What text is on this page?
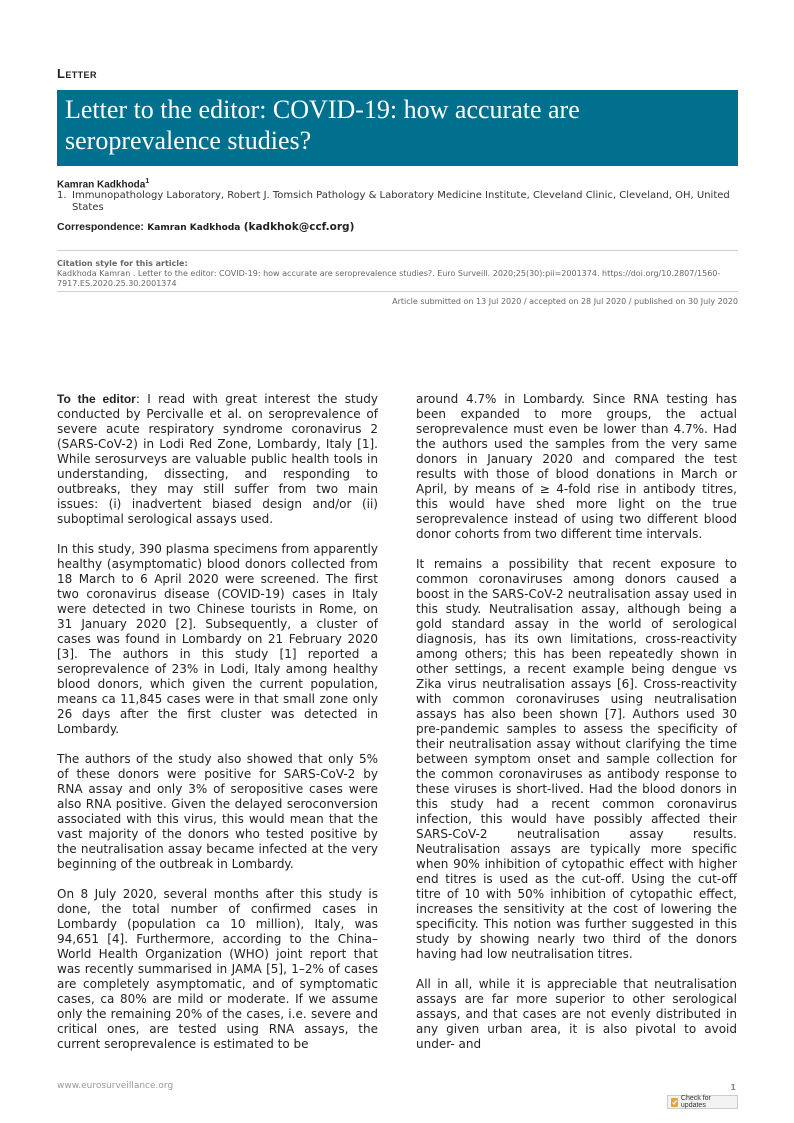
Letter
Letter to the editor: COVID-19: how accurate are seroprevalence studies?
Kamran Kadkhoda$^1$
1. Immunopathology Laboratory, Robert J. Tomsich Pathology & Laboratory Medicine Institute, Cleveland Clinic, Cleveland, OH, United States
Correspondence: Kamran Kadkhoda (kadkhok@ccf.org)
Citation style for this article:
Kadkhoda Kamran . Letter to the editor: COVID-19: how accurate are seroprevalence studies?. Euro Surveill. 2020;25(30):pii=2001374. https://doi.org/10.2807/1560-7917.ES.2020.25.30.2001374
Article submitted on 13 Jul 2020 / accepted on 28 Jul 2020 / published on 30 July 2020

To the editor: I read with great interest the study conducted by Percivalle et al. on seroprevalence of severe acute respiratory syndrome coronavirus 2 (SARS-CoV-2) in Lodi Red Zone, Lombardy, Italy [1]. While serosurveys are valuable public health tools in understanding, dissecting, and responding to outbreaks, they may still suffer from two main issues: (i) inadvertent biased design and/or (ii) suboptimal serological assays used.

In this study, 390 plasma specimens from apparently healthy (asymptomatic) blood donors collected from 18 March to 6 April 2020 were screened. The first two coronavirus disease (COVID-19) cases in Italy were detected in two Chinese tourists in Rome, on 31 January 2020 [2]. Subsequently, a cluster of cases was found in Lombardy on 21 February 2020 [3]. The authors in this study [1] reported a seroprevalence of 23% in Lodi, Italy among healthy blood donors, which given the current population, means ca 11,845 cases were in that small zone only 26 days after the first cluster was detected in Lombardy.

The authors of the study also showed that only 5% of these donors were positive for SARS-CoV-2 by RNA assay and only 3% of seropositive cases were also RNA positive. Given the delayed seroconversion associated with this virus, this would mean that the vast majority of the donors who tested positive by the neutralisation assay became infected at the very beginning of the outbreak in Lombardy.

On 8 July 2020, several months after this study is done, the total number of confirmed cases in Lombardy (population ca 10 million), Italy, was 94,651 [4]. Furthermore, according to the China–World Health Organization (WHO) joint report that was recently summarised in JAMA [5], 1–2% of cases are completely asymptomatic, and of symptomatic cases, ca 80% are mild or moderate. If we assume only the remaining 20% of the cases, i.e. severe and critical ones, are tested using RNA assays, the current seroprevalence is estimated to be

around 4.7% in Lombardy. Since RNA testing has been expanded to more groups, the actual seroprevalence must even be lower than 4.7%. Had the authors used the samples from the very same donors in January 2020 and compared the test results with those of blood donations in March or April, by means of ≥ 4-fold rise in antibody titres, this would have shed more light on the true seroprevalence instead of using two different blood donor cohorts from two different time intervals.

It remains a possibility that recent exposure to common coronaviruses among donors caused a boost in the SARS-CoV-2 neutralisation assay used in this study. Neutralisation assay, although being a gold standard assay in the world of serological diagnosis, has its own limitations, cross-reactivity among others; this has been repeatedly shown in other settings, a recent example being dengue vs Zika virus neutralisation assays [6]. Cross-reactivity with common coronaviruses using neutralisation assays has also been shown [7]. Authors used 30 pre-pandemic samples to assess the specificity of their neutralisation assay without clarifying the time between symptom onset and sample collection for the common coronaviruses as antibody response to these viruses is short-lived. Had the blood donors in this study had a recent common coronavirus infection, this would have possibly affected their SARS-CoV-2 neutralisation assay results. Neutralisation assays are typically more specific when 90% inhibition of cytopathic effect with higher end titres is used as the cut-off. Using the cut-off titre of 10 with 50% inhibition of cytopathic effect, increases the sensitivity at the cost of lowering the specificity. This notion was further suggested in this study by showing nearly two third of the donors having had low neutralisation titres.

All in all, while it is appreciable that neutralisation assays are far more superior to other serological assays, and that cases are not evenly distributed in any given urban area, it is also pivotal to avoid under- and

www.eurosurveillance.org	1
Check for updates
